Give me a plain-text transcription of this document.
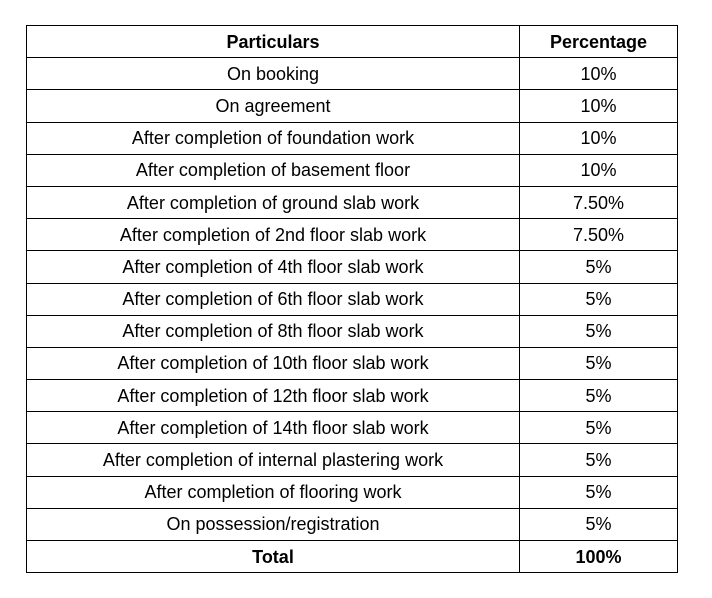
Particulars	Percentage
On booking	10%
On agreement	10%
After completion of foundation work	10%
After completion of basement floor	10%
After completion of ground slab work	7.50%
After completion of 2nd floor slab work	7.50%
After completion of 4th floor slab work	5%
After completion of 6th floor slab work	5%
After completion of 8th floor slab work	5%
After completion of 10th floor slab work	5%
After completion of 12th floor slab work	5%
After completion of 14th floor slab work	5%
After completion of internal plastering work	5%
After completion of flooring work	5%
On possession/registration	5%
Total	100%
